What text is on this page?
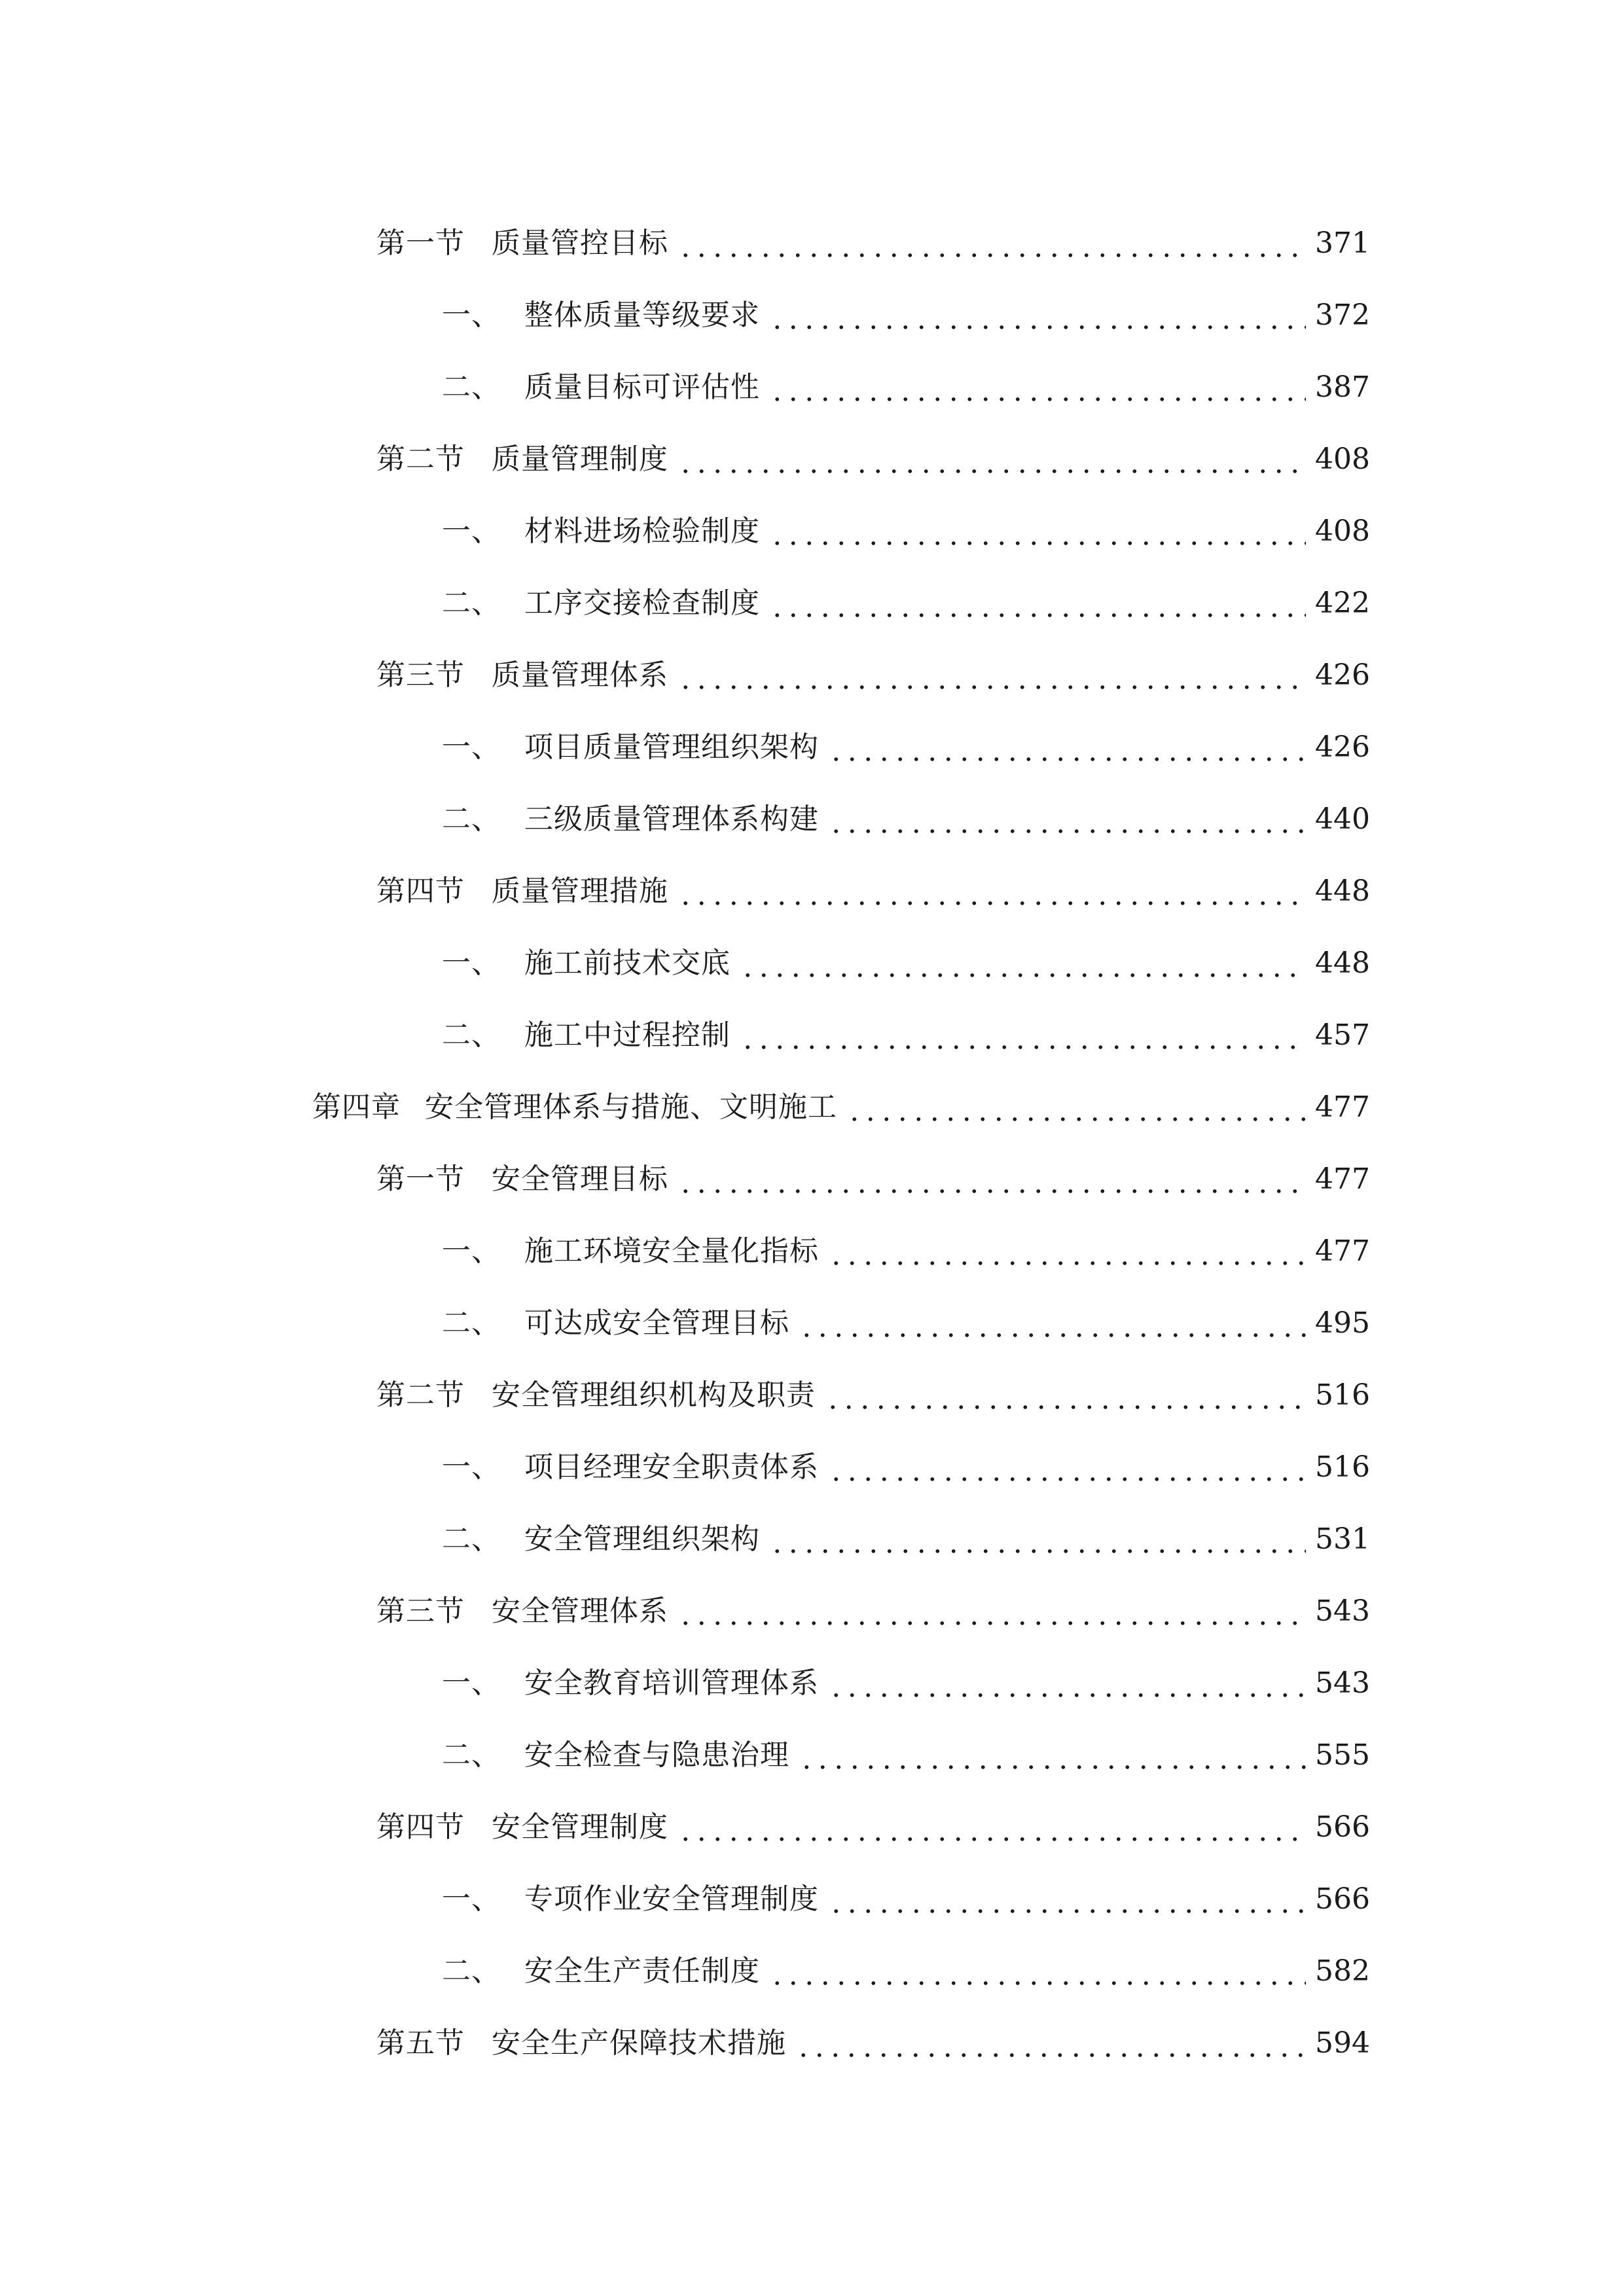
第一节 质量管控目标	371
一、 整体质量等级要求	372
二、 质量目标可评估性	387
第二节 质量管理制度	408
一、 材料进场检验制度	408
二、 工序交接检查制度	422
第三节 质量管理体系	426
一、 项目质量管理组织架构	426
二、 三级质量管理体系构建	440
第四节 质量管理措施	448
一、 施工前技术交底	448
二、 施工中过程控制	457
第四章 安全管理体系与措施、文明施工	477
第一节 安全管理目标	477
一、 施工环境安全量化指标	477
二、 可达成安全管理目标	495
第二节 安全管理组织机构及职责	516
一、 项目经理安全职责体系	516
二、 安全管理组织架构	531
第三节 安全管理体系	543
一、 安全教育培训管理体系	543
二、 安全检查与隐患治理	555
第四节 安全管理制度	566
一、 专项作业安全管理制度	566
二、 安全生产责任制度	582
第五节 安全生产保障技术措施	594
